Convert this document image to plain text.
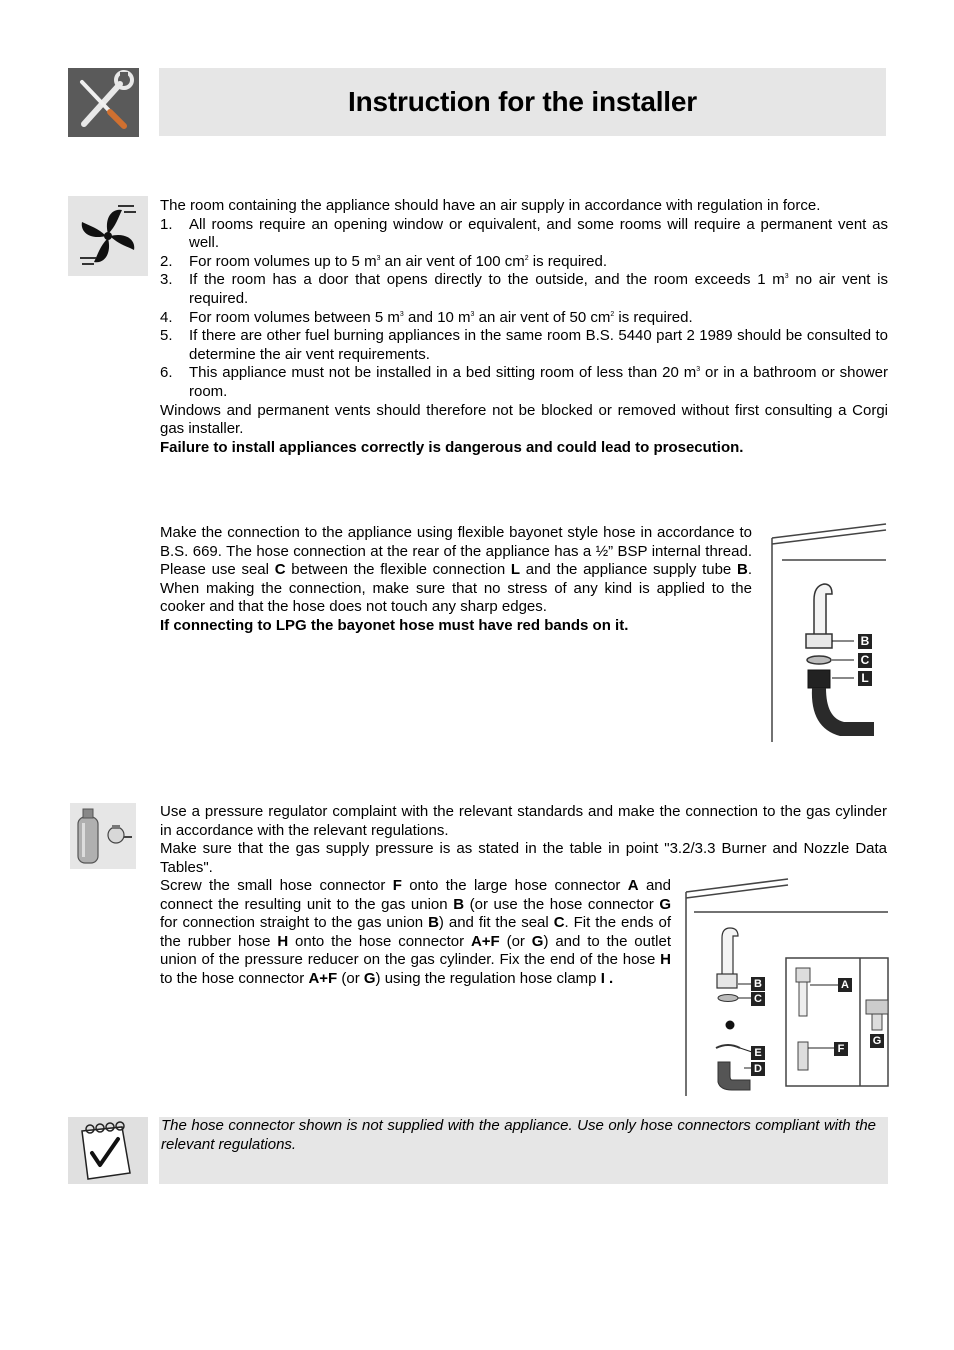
Instruction for the installer

The room containing the appliance should have an air supply in accordance with regulation in force.

1. All rooms require an opening window or equivalent, and some rooms will require a permanent vent as well.
2. For room volumes up to 5 $m^3$ an air vent of 100 $cm^2$ is required.
3. If the room has a door that opens directly to the outside, and the room exceeds 1 $m^3$ no air vent is required.
4. For room volumes between 5 $m^3$ and 10 $m^3$ an air vent of 50 $cm^2$ is required.
5. If there are other fuel burning appliances in the same room B.S. 5440 part 2 1989 should be consulted to determine the air vent requirements.
6. This appliance must not be installed in a bed sitting room of less than 20 $m^3$ or in a bathroom or shower room.

Windows and permanent vents should therefore not be blocked or removed without first consulting a Corgi gas installer.

Failure to install appliances correctly is dangerous and could lead to prosecution.

Make the connection to the appliance using flexible bayonet style hose in accordance to B.S. 669. The hose connection at the rear of the appliance has a ½” BSP internal thread. Please use seal C between the flexible connection L and the appliance supply tube B. When making the connection, make sure that no stress of any kind is applied to the cooker and that the hose does not touch any sharp edges.

If connecting to LPG the bayonet hose must have red bands on it.

B
C
L

Use a pressure regulator complaint with the relevant standards and make the connection to the gas cylinder in accordance with the relevant regulations.

Make sure that the gas supply pressure is as stated in the table in point "3.2/3.3 Burner and Nozzle Data Tables".

Screw the small hose connector F onto the large hose connector A and connect the resulting unit to the gas union B (or use the hose connector G for connection straight to the gas union B) and fit the seal C. Fit the ends of the rubber hose H onto the hose connector A+F (or G) and to the outlet union of the pressure reducer on the gas cylinder. Fix the end of the hose H to the hose connector A+F (or G) using the regulation hose clamp I .	B
C
E
D
A
F
G
The hose connector shown is not supplied with the appliance. Use only hose connectors compliant with the relevant regulations.
